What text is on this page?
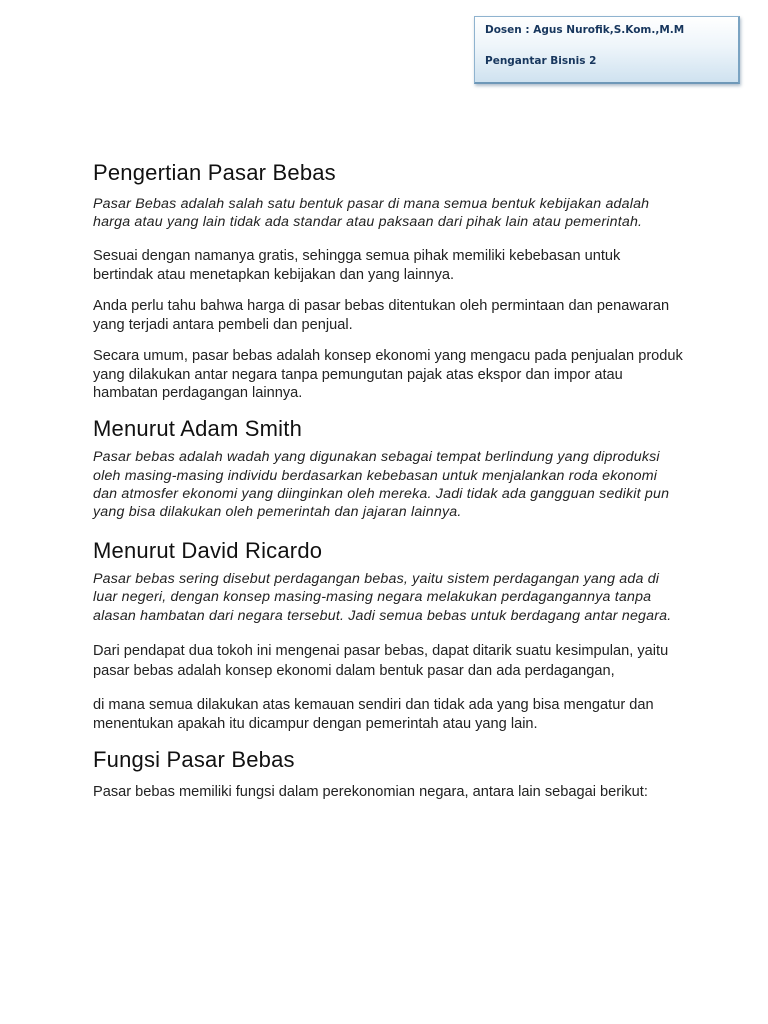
Dosen : Agus Nurofik,S.Kom.,M.M
Pengantar Bisnis 2
Pengertian Pasar Bebas

Pasar Bebas adalah salah satu bentuk pasar di mana semua bentuk kebijakan adalah harga atau yang lain tidak ada standar atau paksaan dari pihak lain atau pemerintah.

Sesuai dengan namanya gratis, sehingga semua pihak memiliki kebebasan untuk bertindak atau menetapkan kebijakan dan yang lainnya.

Anda perlu tahu bahwa harga di pasar bebas ditentukan oleh permintaan dan penawaran yang terjadi antara pembeli dan penjual.

Secara umum, pasar bebas adalah konsep ekonomi yang mengacu pada penjualan produk yang dilakukan antar negara tanpa pemungutan pajak atas ekspor dan impor atau hambatan perdagangan lainnya.

Menurut Adam Smith

Pasar bebas adalah wadah yang digunakan sebagai tempat berlindung yang diproduksi oleh masing-masing individu berdasarkan kebebasan untuk menjalankan roda ekonomi dan atmosfer ekonomi yang diinginkan oleh mereka. Jadi tidak ada gangguan sedikit pun yang bisa dilakukan oleh pemerintah dan jajaran lainnya.

Menurut David Ricardo

Pasar bebas sering disebut perdagangan bebas, yaitu sistem perdagangan yang ada di luar negeri, dengan konsep masing-masing negara melakukan perdagangannya tanpa alasan hambatan dari negara tersebut. Jadi semua bebas untuk berdagang antar negara.

Dari pendapat dua tokoh ini mengenai pasar bebas, dapat ditarik suatu kesimpulan, yaitu pasar bebas adalah konsep ekonomi dalam bentuk pasar dan ada perdagangan,

di mana semua dilakukan atas kemauan sendiri dan tidak ada yang bisa mengatur dan menentukan apakah itu dicampur dengan pemerintah atau yang lain.

Fungsi Pasar Bebas

Pasar bebas memiliki fungsi dalam perekonomian negara, antara lain sebagai berikut:
